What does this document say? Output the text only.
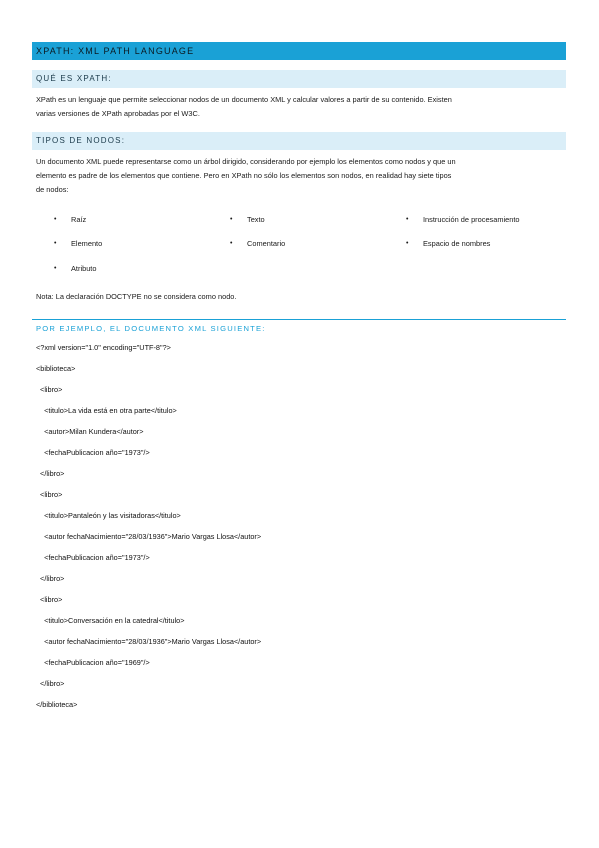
XPATH: XML PATH LANGUAGE
QUÉ ES XPATH:
XPath es un lenguaje que permite seleccionar nodos de un documento XML y calcular valores a partir de su contenido. Existen
varias versiones de XPath aprobadas por el W3C.
TIPOS DE NODOS:
Un documento XML puede representarse como un árbol dirigido, considerando por ejemplo los elementos como nodos y que un
elemento es padre de los elementos que contiene. Pero en XPath no sólo los elementos son nodos, en realidad hay siete tipos
de nodos:
• Raíz	• Texto	• Instrucción de procesamiento
• Elemento	• Comentario	• Espacio de nombres
• Atributo
Nota: La declaración DOCTYPE no se considera como nodo.
POR EJEMPLO, EL DOCUMENTO XML SIGUIENTE:
<?xml version="1.0" encoding="UTF-8"?>
<biblioteca>
<libro>
<titulo>La vida está en otra parte</titulo>
<autor>Milan Kundera</autor>
<fechaPublicacion año="1973"/>
</libro>
<libro>
<titulo>Pantaleón y las visitadoras</titulo>
<autor fechaNacimiento="28/03/1936">Mario Vargas Llosa</autor>
<fechaPublicacion año="1973"/>
</libro>
<libro>
<titulo>Conversación en la catedral</titulo>
<autor fechaNacimiento="28/03/1936">Mario Vargas Llosa</autor>
<fechaPublicacion año="1969"/>
</libro>
</biblioteca>
